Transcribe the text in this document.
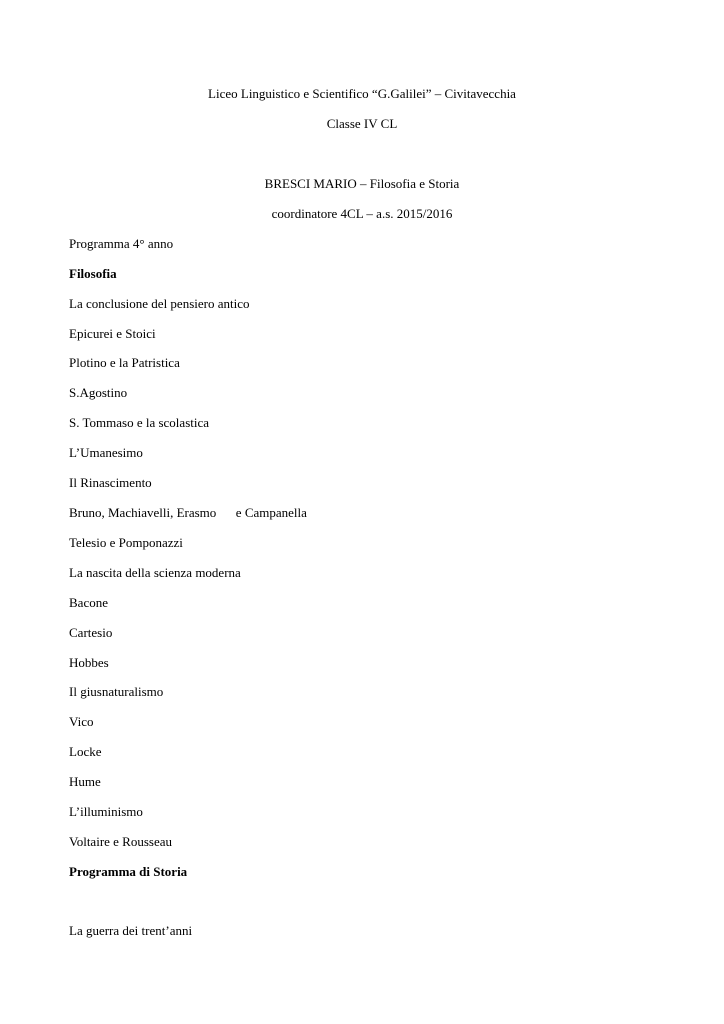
Liceo Linguistico e Scientifico “G.Galilei” – Civitavecchia
Classe IV CL
BRESCI MARIO – Filosofia e Storia
coordinatore 4CL – a.s. 2015/2016
Programma 4° anno
Filosofia
La conclusione del pensiero antico
Epicurei e Stoici
Plotino e la Patristica
S.Agostino
S. Tommaso e la scolastica
L’Umanesimo
Il Rinascimento
Bruno, Machiavelli, Erasmo      e Campanella
Telesio e Pomponazzi
La nascita della scienza moderna
Bacone
Cartesio
Hobbes
Il giusnaturalismo
Vico
Locke
Hume
L’illuminismo
Voltaire e Rousseau
Programma di Storia
La guerra dei trent’anni
